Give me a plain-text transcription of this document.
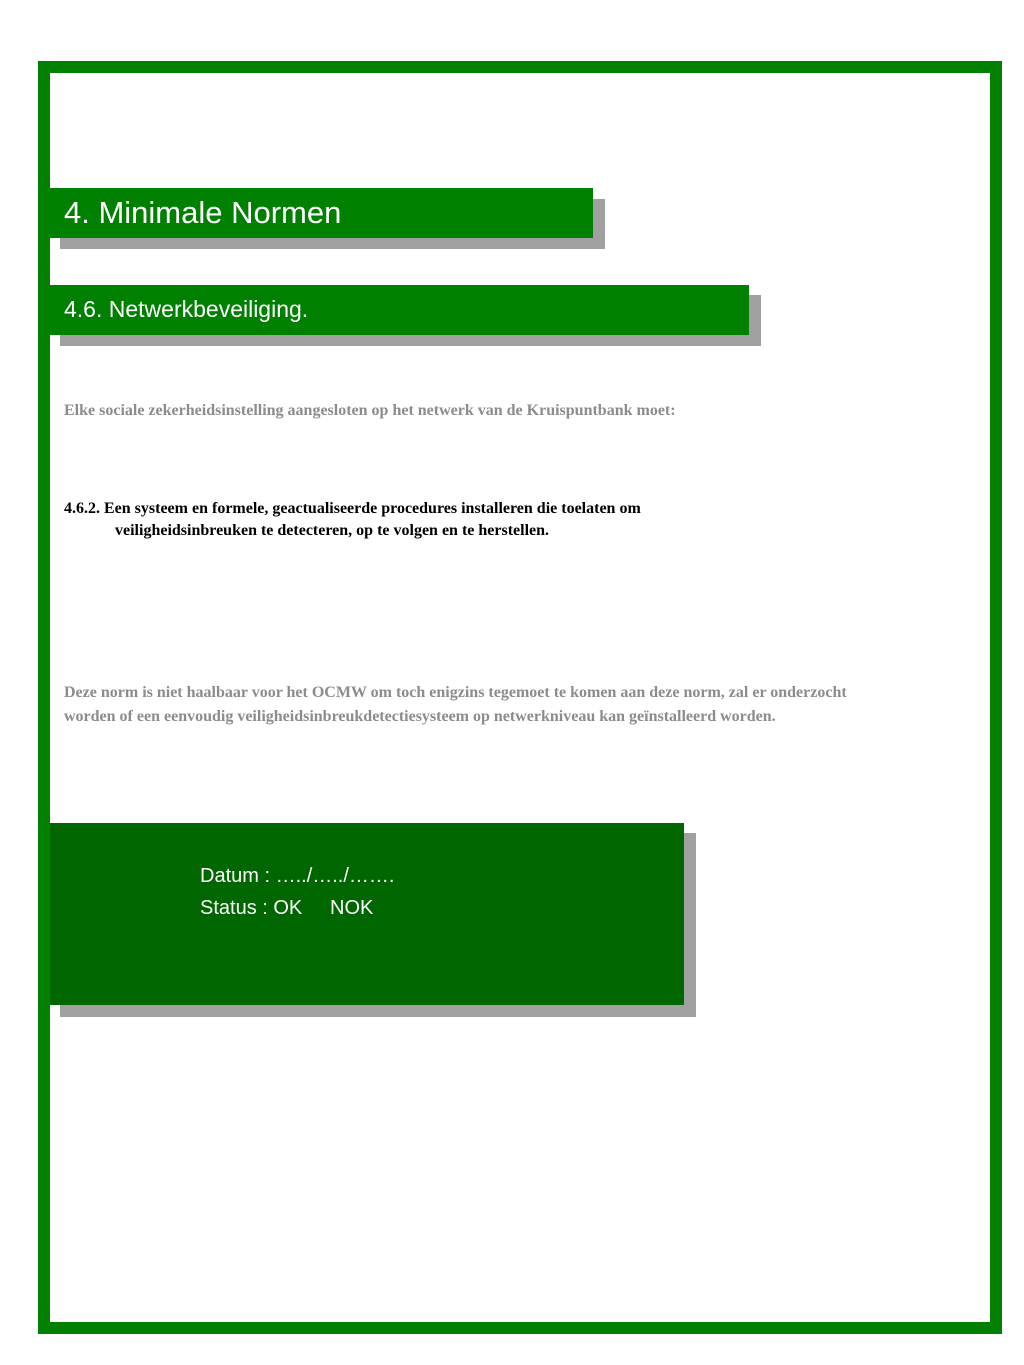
4. Minimale Normen
4.6. Netwerkbeveiliging.
Elke sociale zekerheidsinstelling aangesloten op het netwerk van de Kruispuntbank moet:
4.6.2. Een systeem en formele, geactualiseerde procedures installeren die toelaten om
veiligheidsinbreuken te detecteren, op te volgen en te herstellen.
Deze norm is niet haalbaar voor het OCMW om toch enigzins tegemoet te komen aan deze norm, zal er onderzocht worden of een eenvoudig veiligheidsinbreukdetectiesysteem op netwerkniveau kan geïnstalleerd worden.
Datum : …../…../…….
Status : OK     NOK
